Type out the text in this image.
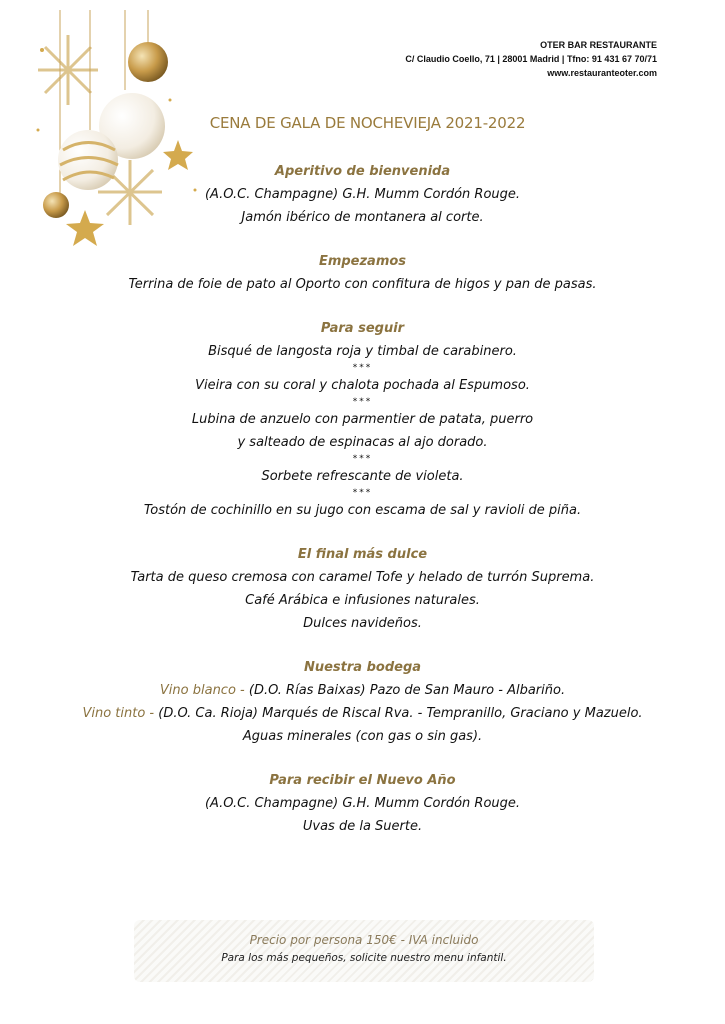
OTER BAR RESTAURANTE
C/ Claudio Coello, 71 | 28001 Madrid | Tfno: 91 431 67 70/71
www.restauranteoter.com
CENA DE GALA DE NOCHEVIEJA 2021-2022
Aperitivo de bienvenida
(A.O.C. Champagne) G.H. Mumm Cordón Rouge.
Jamón ibérico de montanera al corte.
Empezamos
Terrina de foie de pato al Oporto con confitura de higos y pan de pasas.
Para seguir
Bisqué de langosta roja y timbal de carabinero.
***
Vieira con su coral y chalota pochada al Espumoso.
***
Lubina de anzuelo con parmentier de patata, puerro
y salteado de espinacas al ajo dorado.
***
Sorbete refrescante de violeta.
***
Tostón de cochinillo en su jugo con escama de sal y ravioli de piña.
El final más dulce
Tarta de queso cremosa con caramel Tofe y helado de turrón Suprema.
Café Arábica e infusiones naturales.
Dulces navideños.
Nuestra bodega
Vino blanco - (D.O. Rías Baixas) Pazo de San Mauro - Albariño.
Vino tinto - (D.O. Ca. Rioja) Marqués de Riscal Rva. - Tempranillo, Graciano y Mazuelo.
Aguas minerales (con gas o sin gas).
Para recibir el Nuevo Año
(A.O.C. Champagne) G.H. Mumm Cordón Rouge.
Uvas de la Suerte.
Precio por persona 150€ - IVA incluido
Para los más pequeños, solicite nuestro menu infantil.
